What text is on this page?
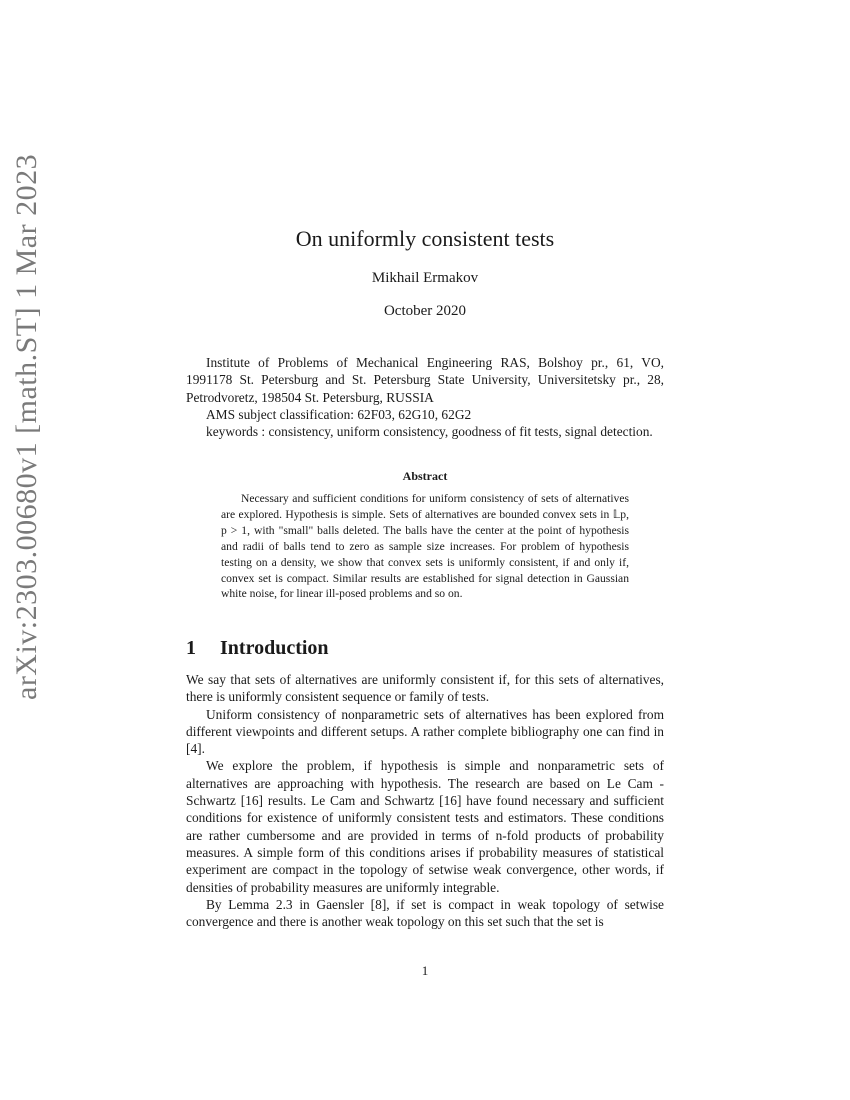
arXiv:2303.00680v1 [math.ST] 1 Mar 2023	On uniformly consistent tests
Mikhail Ermakov
October 2020
Institute of Problems of Mechanical Engineering RAS, Bolshoy pr., 61, VO, 1991178 St. Petersburg and St. Petersburg State University, Universitetsky pr., 28, Petrodvoretz, 198504 St. Petersburg, RUSSIA
AMS subject classification: 62F03, 62G10, 62G2
keywords : consistency, uniform consistency, goodness of fit tests, signal detection.
Abstract
Necessary and sufficient conditions for uniform consistency of sets of alternatives are explored. Hypothesis is simple. Sets of alternatives are bounded convex sets in 𝕃p, p > 1, with "small" balls deleted. The balls have the center at the point of hypothesis and radii of balls tend to zero as sample size increases. For problem of hypothesis testing on a density, we show that convex sets is uniformly consistent, if and only if, convex set is compact. Similar results are established for signal detection in Gaussian white noise, for linear ill-posed problems and so on.
1 Introduction

We say that sets of alternatives are uniformly consistent if, for this sets of alternatives, there is uniformly consistent sequence or family of tests.

Uniform consistency of nonparametric sets of alternatives has been explored from different viewpoints and different setups. A rather complete bibliography one can find in [4].

We explore the problem, if hypothesis is simple and nonparametric sets of alternatives are approaching with hypothesis. The research are based on Le Cam -Schwartz [16] results. Le Cam and Schwartz [16] have found necessary and sufficient conditions for existence of uniformly consistent tests and estimators. These conditions are rather cumbersome and are provided in terms of n-fold products of probability measures. A simple form of this conditions arises if probability measures of statistical experiment are compact in the topology of setwise weak convergence, other words, if densities of probability measures are uniformly integrable.

By Lemma 2.3 in Gaensler [8], if set is compact in weak topology of setwise convergence and there is another weak topology on this set such that the set is

1
